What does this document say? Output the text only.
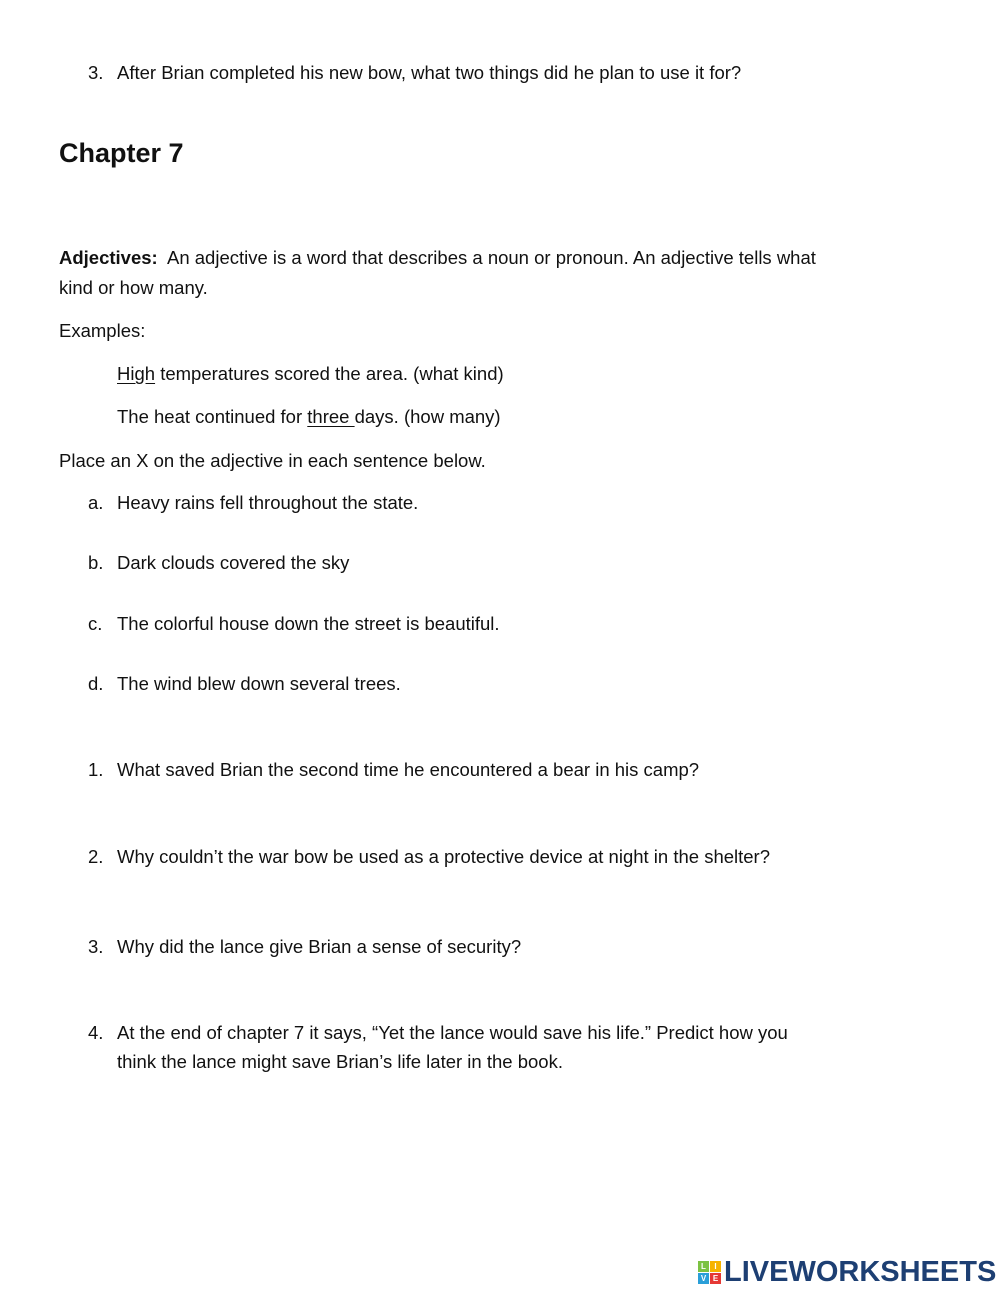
3. After Brian completed his new bow, what two things did he plan to use it for?
Chapter 7
Adjectives: An adjective is a word that describes a noun or pronoun. An adjective tells what
kind or how many.
Examples:
High temperatures scored the area. (what kind)
The heat continued for three days. (how many)
Place an X on the adjective in each sentence below.
a. Heavy rains fell throughout the state.
b. Dark clouds covered the sky
c. The colorful house down the street is beautiful.
d. The wind blew down several trees.
1. What saved Brian the second time he encountered a bear in his camp?
2. Why couldn’t the war bow be used as a protective device at night in the shelter?
3. Why did the lance give Brian a sense of security?
4. At the end of chapter 7 it says, “Yet the lance would save his life.” Predict how you
think the lance might save Brian’s life later in the book.
L	I
V E LIVEWORKSHEETS
